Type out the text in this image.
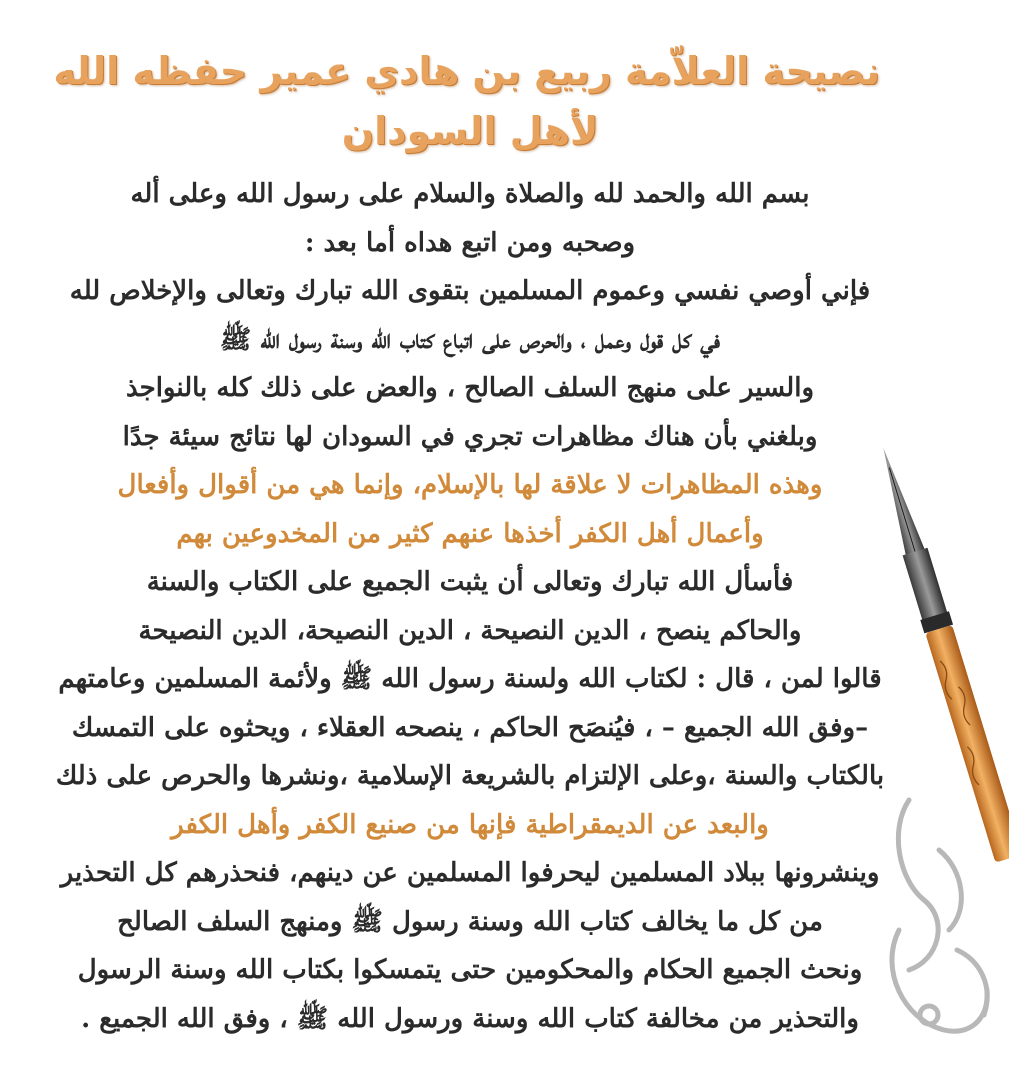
نصيحة العلاّمة ربيع بن هادي عمير حفظه الله
لأهل السودان
بسم الله والحمد لله والصلاة والسلام على رسول الله وعلى أله
وصحبه ومن اتبع هداه أما بعد :
فإني أوصي نفسي وعموم المسلمين بتقوى الله تبارك وتعالى والإخلاص لله
في كل قول وعمل ، والحرص على اتباع كتاب الله وسنة رسول الله ﷺ
والسير على منهج السلف الصالح ، والعض على ذلك كله بالنواجذ
وبلغني بأن هناك مظاهرات تجري في السودان لها نتائج سيئة جدًا
وهذه المظاهرات لا علاقة لها بالإسلام، وإنما هي من أقوال وأفعال
وأعمال أهل الكفر أخذها عنهم كثير من المخدوعين بهم
فأسأل الله تبارك وتعالى أن يثبت الجميع على الكتاب والسنة
والحاكم ينصح ، الدين النصيحة ، الدين النصيحة، الدين النصيحة
قالوا لمن ، قال : لكتاب الله ولسنة رسول الله ﷺ ولأئمة المسلمين وعامتهم
–وفق الله الجميع – ، فيُنصَح الحاكم ، ينصحه العقلاء ، ويحثوه على التمسك
بالكتاب والسنة ،وعلى الإلتزام بالشريعة الإسلامية ،ونشرها والحرص على ذلك
والبعد عن الديمقراطية فإنها من صنيع الكفر وأهل الكفر
وينشرونها ببلاد المسلمين ليحرفوا المسلمين عن دينهم، فنحذرهم كل التحذير
من كل ما يخالف كتاب الله وسنة رسول ﷺ ومنهج السلف الصالح
ونحث الجميع الحكام والمحكومين حتى يتمسكوا بكتاب الله وسنة الرسول
والتحذير من مخالفة كتاب الله وسنة ورسول الله ﷺ ، وفق الله الجميع .
